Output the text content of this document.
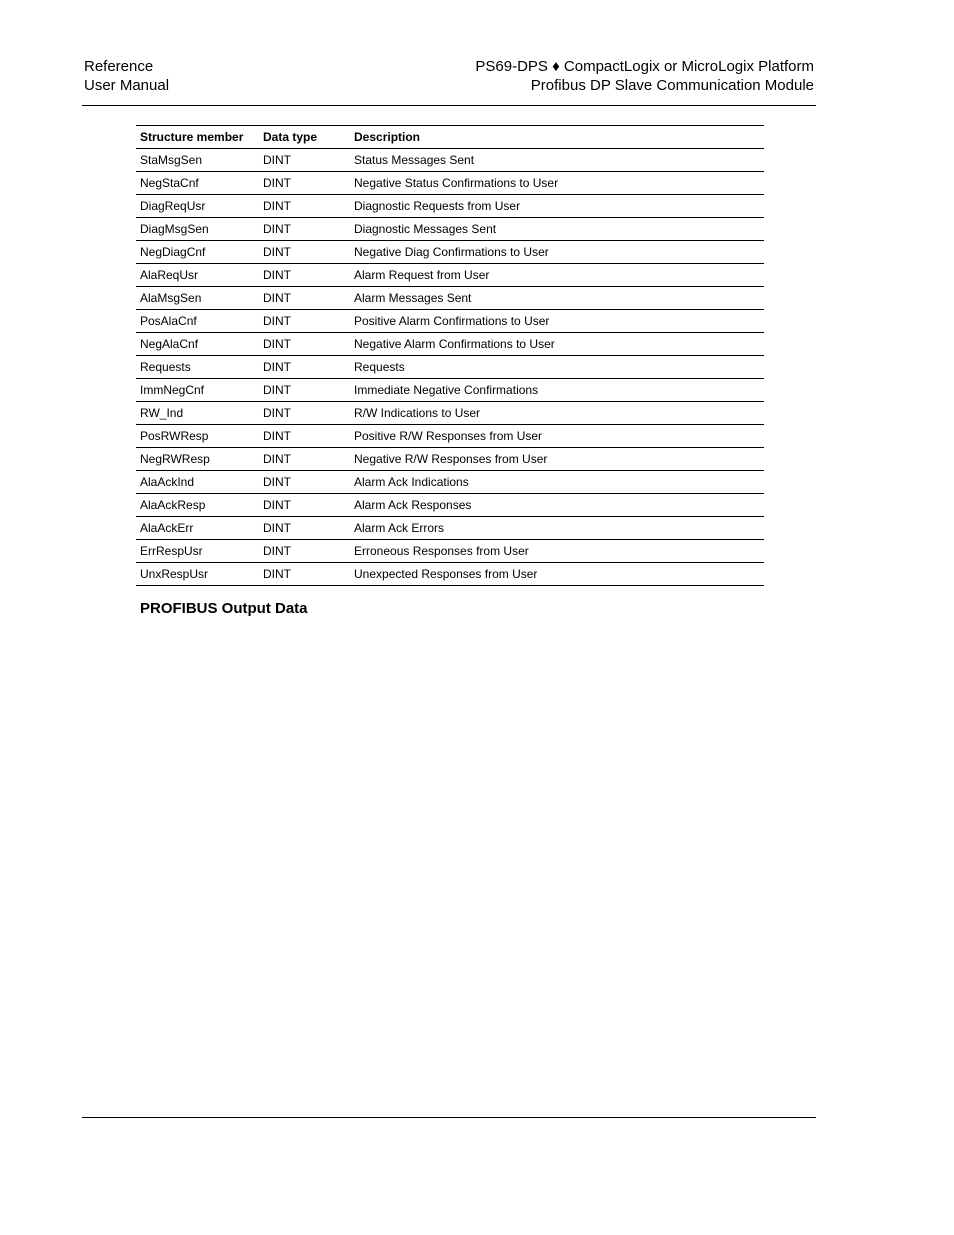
Reference
User Manual
PS69-DPS ♦ CompactLogix or MicroLogix Platform
Profibus DP Slave Communication Module
Structure member	Data type	Description
StaMsgSen	DINT	Status Messages Sent
NegStaCnf	DINT	Negative Status Confirmations to User
DiagReqUsr	DINT	Diagnostic Requests from User
DiagMsgSen	DINT	Diagnostic Messages Sent
NegDiagCnf	DINT	Negative Diag Confirmations to User
AlaReqUsr	DINT	Alarm Request from User
AlaMsgSen	DINT	Alarm Messages Sent
PosAlaCnf	DINT	Positive Alarm Confirmations to User
NegAlaCnf	DINT	Negative Alarm Confirmations to User
Requests	DINT	Requests
ImmNegCnf	DINT	Immediate Negative Confirmations
RW_Ind	DINT	R/W Indications to User
PosRWResp	DINT	Positive R/W Responses from User
NegRWResp	DINT	Negative R/W Responses from User
AlaAckInd	DINT	Alarm Ack Indications
AlaAckResp	DINT	Alarm Ack Responses
AlaAckErr	DINT	Alarm Ack Errors
ErrRespUsr	DINT	Erroneous Responses from User
UnxRespUsr	DINT	Unexpected Responses from User
PROFIBUS Output Data
